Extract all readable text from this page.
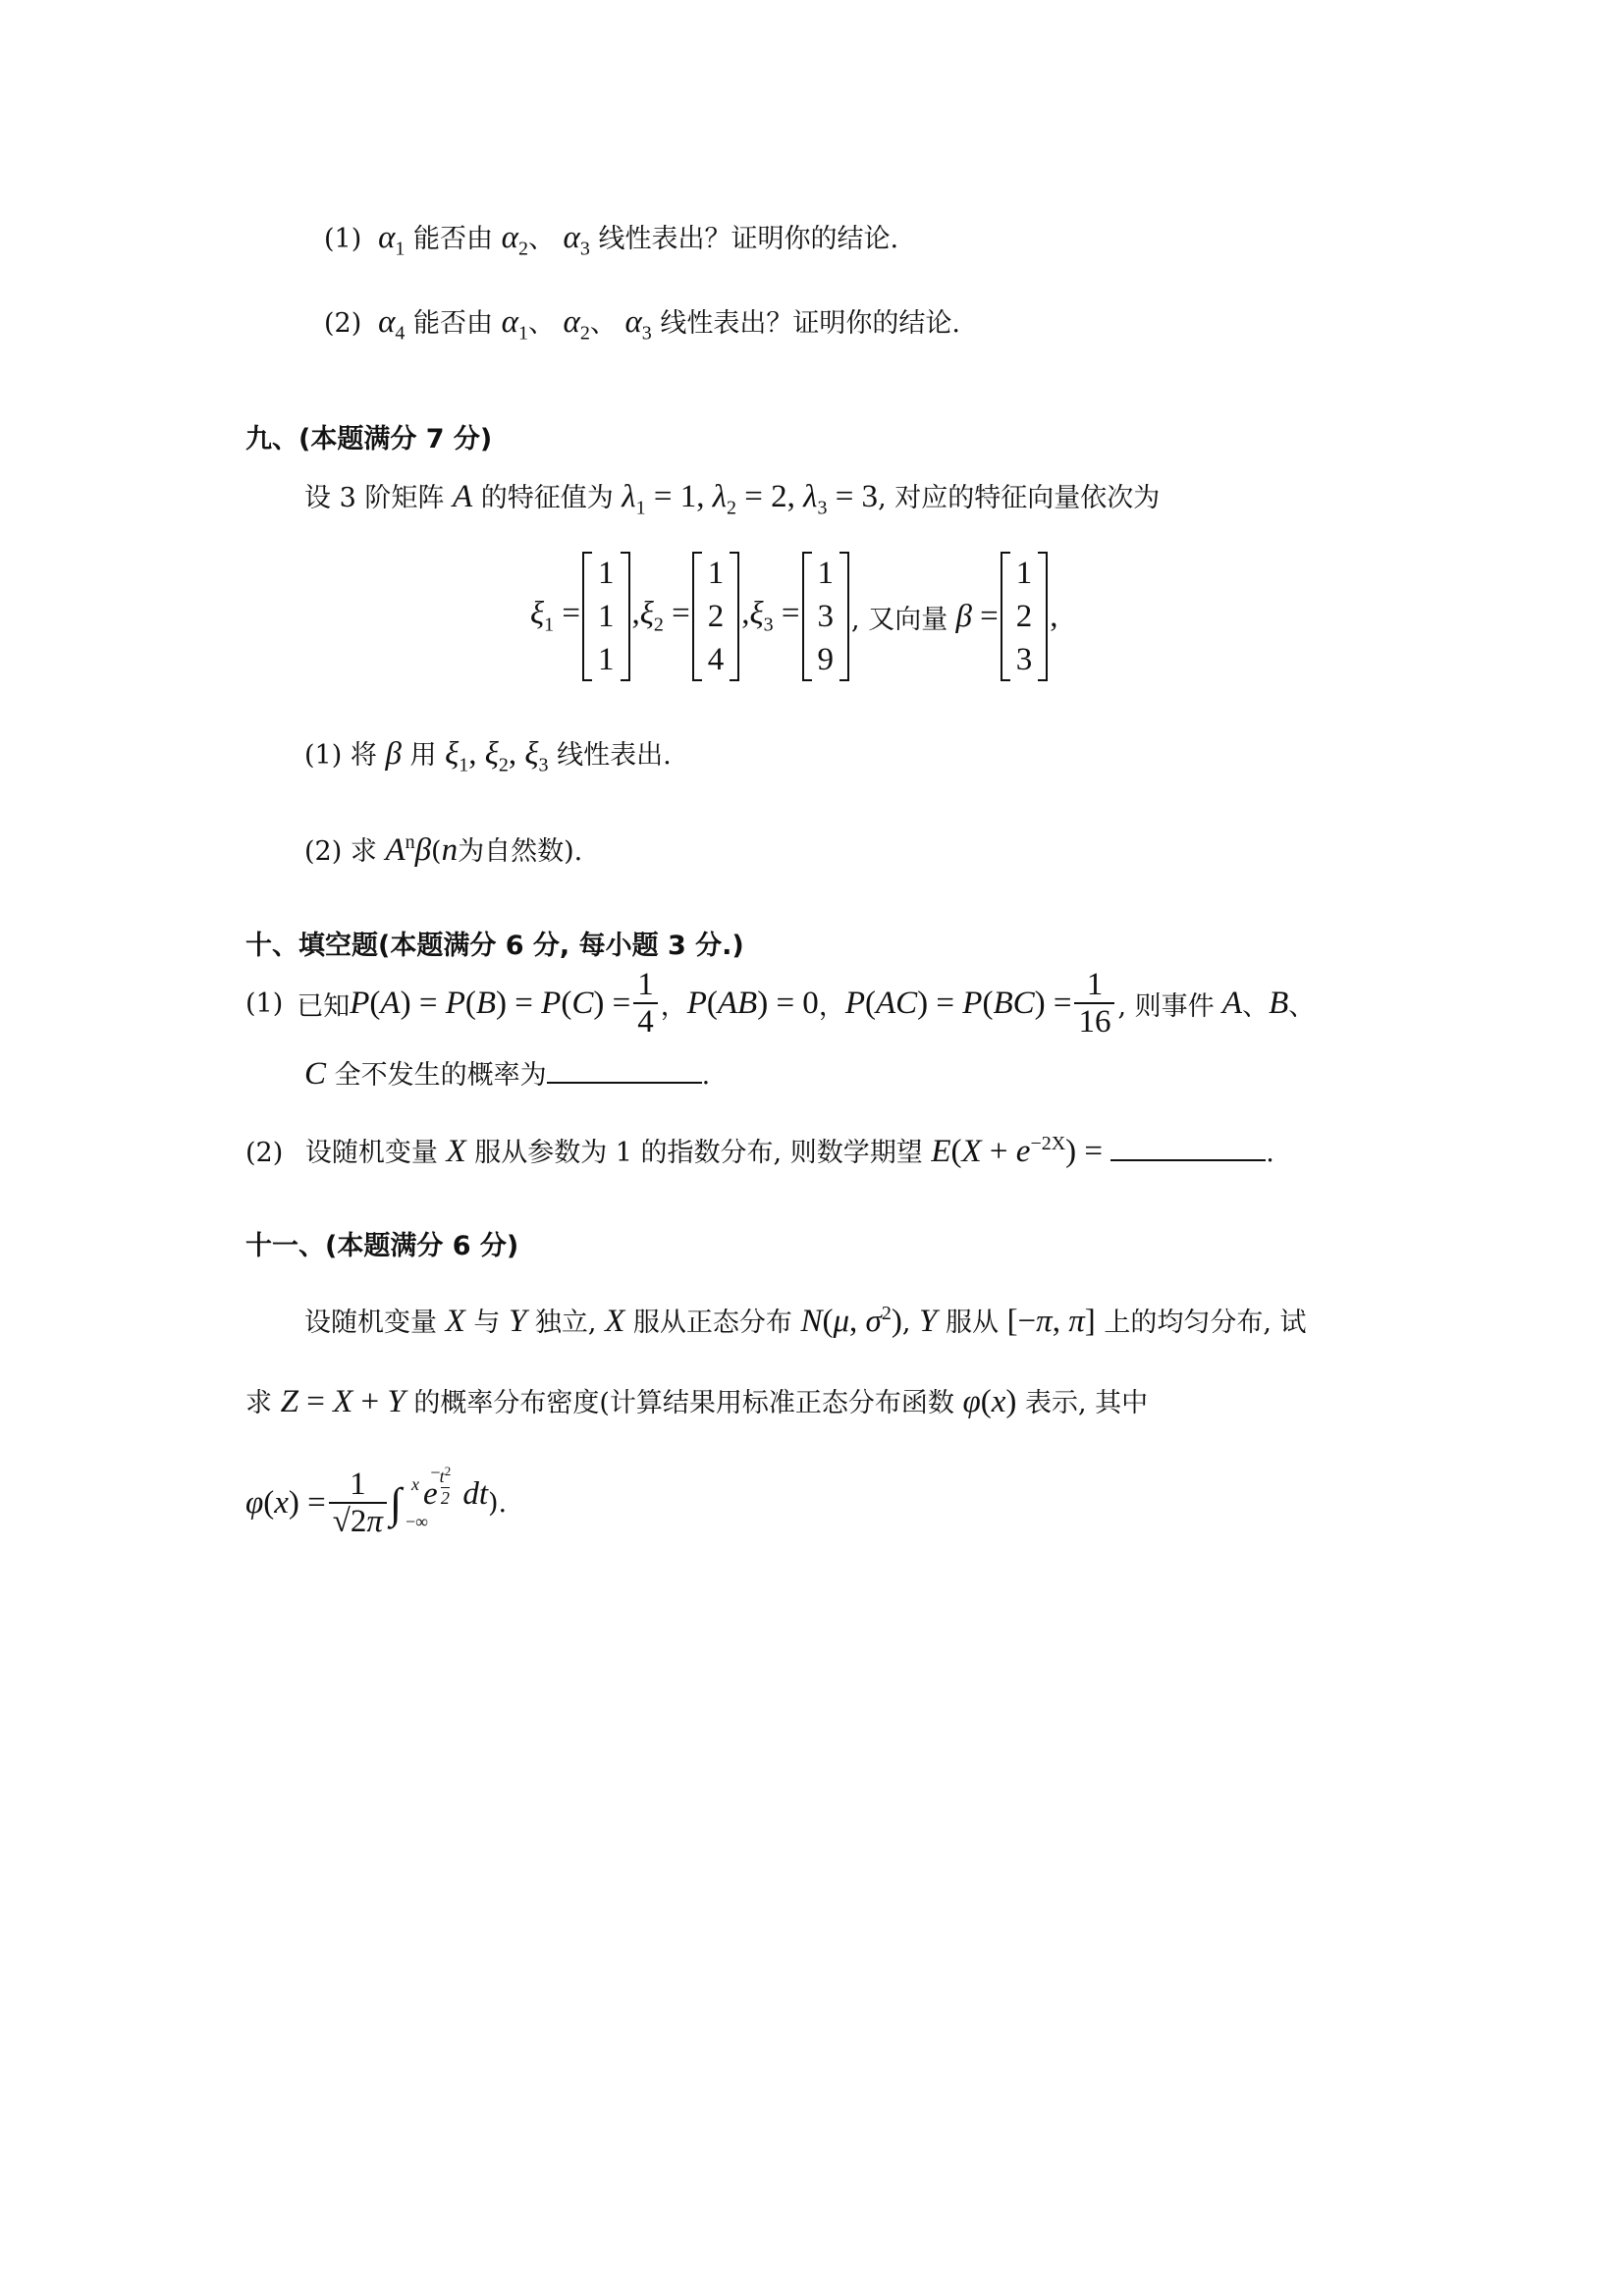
(1)  $\alpha_1$ 能否由 $\alpha_2$、 $\alpha_3$ 线性表出？证明你的结论.
(2)  $\alpha_4$ 能否由 $\alpha_1$、 $\alpha_2$、 $\alpha_3$ 线性表出？证明你的结论.
九、(本题满分 7 分)
设 3 阶矩阵 A 的特征值为 $\lambda_1 = 1$, $\lambda_2 = 2$, $\lambda_3 = 3$, 对应的特征向量依次为
$\xi_1$ =
1
1
1
$,\xi_2$ =
1
2
4
$,\xi_3$ =
1
3
9
, 又向量 β =
1
2
3
,
(1) 将 β 用 $\xi_1$, $\xi_2$, $\xi_3$ 线性表出.
(2) 求 $A^n\beta(n$为自然数).
十、填空题(本题满分 6 分, 每小题 3 分.)
(1) 已知 $P(A) = P(B) = P(C) = \frac{1}{4}$ ， P(AB) = 0 ， $P(AC) = P(BC) = \frac{1}{16}$ , 则事件 A 、 B 、
C 全不发生的概率为	.
(2) 设随机变量 X 服从参数为 1 的指数分布, 则数学期望 $E(X + e^{-2X})$ =	.
十一、(本题满分 6 分)
设随机变量 X 与 Y 独立, X 服从正态分布 N(μ, $\sigma^2$), Y 服从 [−π, π] 上的均匀分布, 试
求 Z = X + Y 的概率分布密度(计算结果用标准正态分布函数 φ(x) 表示, 其中
$\varphi(x) = \frac{1}{√2\pi}$ ∫ x
−∞
e $\frac{t^2}{2}$
−dt ).
